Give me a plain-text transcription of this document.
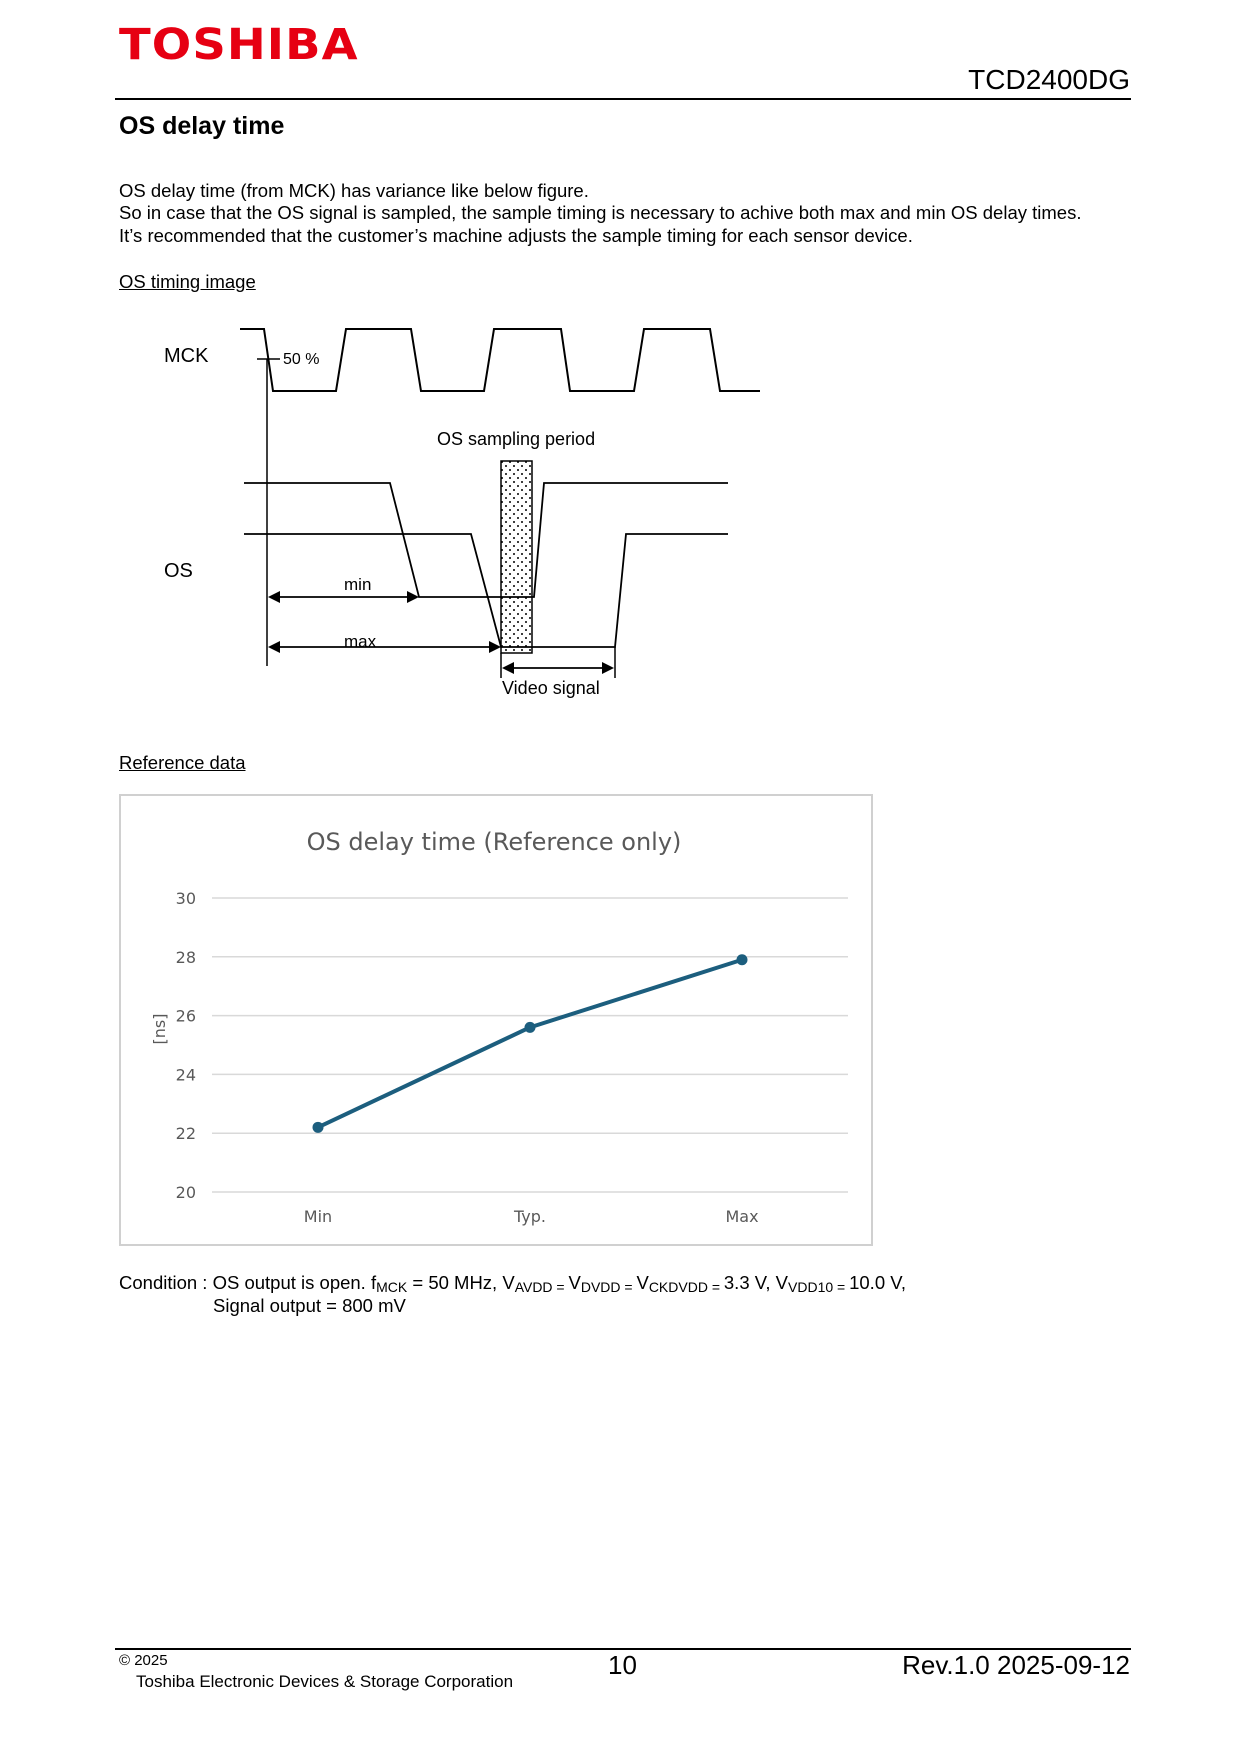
TOSHIBA
TCD2400DG
OS delay time
OS delay time (from MCK) has variance like below figure.
So in case that the OS signal is sampled, the sample timing is necessary to achive both max and min OS delay times.
It’s recommended that the customer’s machine adjusts the sample timing for each sensor device.
OS timing image
MCK	50 %
OS sampling period
OS
min
max
Video signal
Reference data
OS delay time (Reference only)
[ns]
20
22
24
26
28
30
Min	Typ.	Max
Condition : OS output is open. $f_{MCK} = 50$ MHz, $V_{AVDD =}$ $V_{DVDD =}$ $V_{CKDVDD =}$ 3.3 V, $V_{VDD10 =}$ 10.0 V,
Signal output = 800 mV
© 2025
Toshiba Electronic Devices & Storage Corporation
10	Rev.1.0 2025-09-12
